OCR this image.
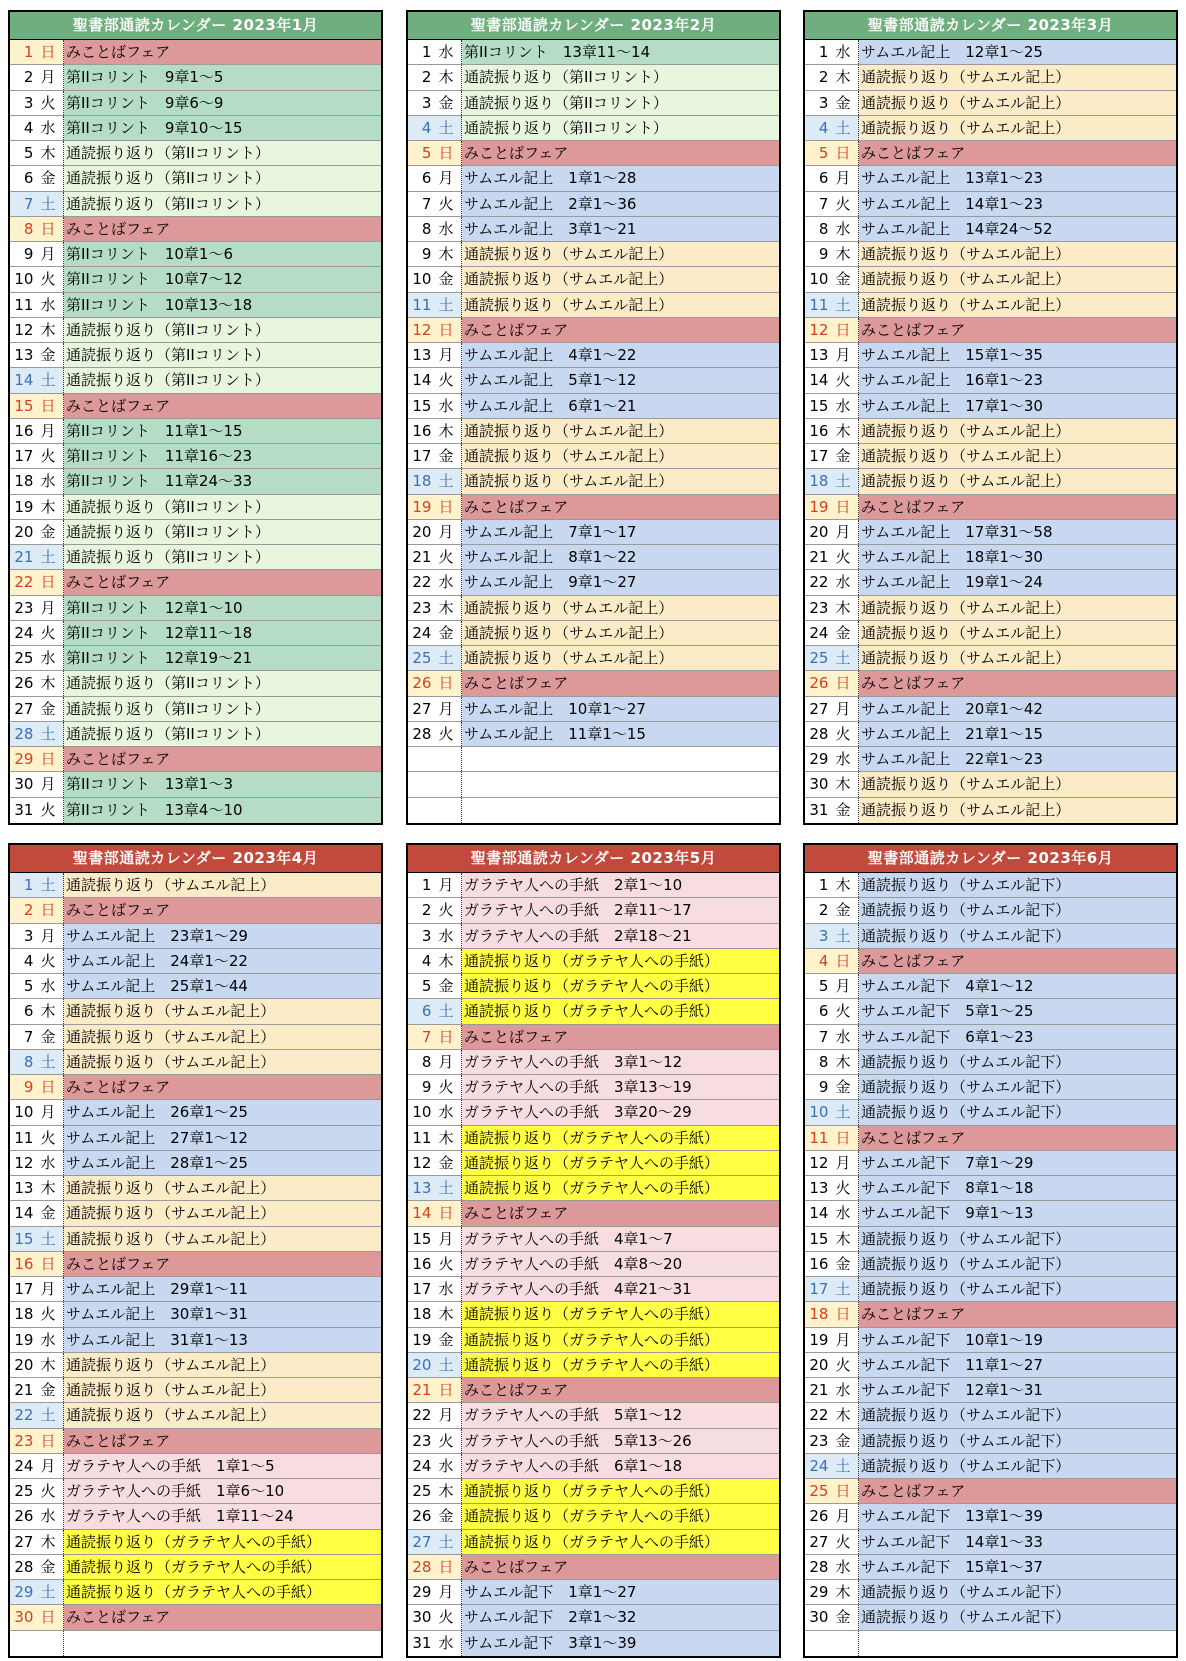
聖書部通読カレンダー 2023年1月
1 日 みことばフェア
2 月 第IIコリント　9章1～5
3 火 第IIコリント　9章6～9
4 水 第IIコリント　9章10～15
5 木 通読振り返り（第IIコリント）
6 金 通読振り返り（第IIコリント）
7 土 通読振り返り（第IIコリント）
8 日 みことばフェア
9 月 第IIコリント　10章1～6
10 火 第IIコリント　10章7～12
11 水 第IIコリント　10章13～18
12 木 通読振り返り（第IIコリント）
13 金 通読振り返り（第IIコリント）
14 土 通読振り返り（第IIコリント）
15 日 みことばフェア
16 月 第IIコリント　11章1～15
17 火 第IIコリント　11章16～23
18 水 第IIコリント　11章24～33
19 木 通読振り返り（第IIコリント）
20 金 通読振り返り（第IIコリント）
21 土 通読振り返り（第IIコリント）
22 日 みことばフェア
23 月 第IIコリント　12章1～10
24 火 第IIコリント　12章11～18
25 水 第IIコリント　12章19～21
26 木 通読振り返り（第IIコリント）
27 金 通読振り返り（第IIコリント）
28 土 通読振り返り（第IIコリント）
29 日 みことばフェア
30 月 第IIコリント　13章1～3
31 火 第IIコリント　13章4～10
聖書部通読カレンダー 2023年2月
1 水 第IIコリント　13章11～14
2 木 通読振り返り（第IIコリント）
3 金 通読振り返り（第IIコリント）
4 土 通読振り返り（第IIコリント）
5 日 みことばフェア
6 月 サムエル記上　1章1～28
7 火 サムエル記上　2章1～36
8 水 サムエル記上　3章1～21
9 木 通読振り返り（サムエル記上）
10 金 通読振り返り（サムエル記上）
11 土 通読振り返り（サムエル記上）
12 日 みことばフェア
13 月 サムエル記上　4章1～22
14 火 サムエル記上　5章1～12
15 水 サムエル記上　6章1～21
16 木 通読振り返り（サムエル記上）
17 金 通読振り返り（サムエル記上）
18 土 通読振り返り（サムエル記上）
19 日 みことばフェア
20 月 サムエル記上　7章1～17
21 火 サムエル記上　8章1～22
22 水 サムエル記上　9章1～27
23 木 通読振り返り（サムエル記上）
24 金 通読振り返り（サムエル記上）
25 土 通読振り返り（サムエル記上）
26 日 みことばフェア
27 月 サムエル記上　10章1～27
28 火 サムエル記上　11章1～15
聖書部通読カレンダー 2023年3月
1 水 サムエル記上　12章1～25
2 木 通読振り返り（サムエル記上）
3 金 通読振り返り（サムエル記上）
4 土 通読振り返り（サムエル記上）
5 日 みことばフェア
6 月 サムエル記上　13章1～23
7 火 サムエル記上　14章1～23
8 水 サムエル記上　14章24～52
9 木 通読振り返り（サムエル記上）
10 金 通読振り返り（サムエル記上）
11 土 通読振り返り（サムエル記上）
12 日 みことばフェア
13 月 サムエル記上　15章1～35
14 火 サムエル記上　16章1～23
15 水 サムエル記上　17章1～30
16 木 通読振り返り（サムエル記上）
17 金 通読振り返り（サムエル記上）
18 土 通読振り返り（サムエル記上）
19 日 みことばフェア
20 月 サムエル記上　17章31～58
21 火 サムエル記上　18章1～30
22 水 サムエル記上　19章1～24
23 木 通読振り返り（サムエル記上）
24 金 通読振り返り（サムエル記上）
25 土 通読振り返り（サムエル記上）
26 日 みことばフェア
27 月 サムエル記上　20章1～42
28 火 サムエル記上　21章1～15
29 水 サムエル記上　22章1～23
30 木 通読振り返り（サムエル記上）
31 金 通読振り返り（サムエル記上）
聖書部通読カレンダー 2023年4月
1 土 通読振り返り（サムエル記上）
2 日 みことばフェア
3 月 サムエル記上　23章1～29
4 火 サムエル記上　24章1～22
5 水 サムエル記上　25章1～44
6 木 通読振り返り（サムエル記上）
7 金 通読振り返り（サムエル記上）
8 土 通読振り返り（サムエル記上）
9 日 みことばフェア
10 月 サムエル記上　26章1～25
11 火 サムエル記上　27章1～12
12 水 サムエル記上　28章1～25
13 木 通読振り返り（サムエル記上）
14 金 通読振り返り（サムエル記上）
15 土 通読振り返り（サムエル記上）
16 日 みことばフェア
17 月 サムエル記上　29章1～11
18 火 サムエル記上　30章1～31
19 水 サムエル記上　31章1～13
20 木 通読振り返り（サムエル記上）
21 金 通読振り返り（サムエル記上）
22 土 通読振り返り（サムエル記上）
23 日 みことばフェア
24 月 ガラテヤ人への手紙　1章1～5
25 火 ガラテヤ人への手紙　1章6～10
26 水 ガラテヤ人への手紙　1章11～24
27 木 通読振り返り（ガラテヤ人への手紙）
28 金 通読振り返り（ガラテヤ人への手紙）
29 土 通読振り返り（ガラテヤ人への手紙）
30 日 みことばフェア
聖書部通読カレンダー 2023年5月
1 月 ガラテヤ人への手紙　2章1～10
2 火 ガラテヤ人への手紙　2章11～17
3 水 ガラテヤ人への手紙　2章18～21
4 木 通読振り返り（ガラテヤ人への手紙）
5 金 通読振り返り（ガラテヤ人への手紙）
6 土 通読振り返り（ガラテヤ人への手紙）
7 日 みことばフェア
8 月 ガラテヤ人への手紙　3章1～12
9 火 ガラテヤ人への手紙　3章13～19
10 水 ガラテヤ人への手紙　3章20～29
11 木 通読振り返り（ガラテヤ人への手紙）
12 金 通読振り返り（ガラテヤ人への手紙）
13 土 通読振り返り（ガラテヤ人への手紙）
14 日 みことばフェア
15 月 ガラテヤ人への手紙　4章1～7
16 火 ガラテヤ人への手紙　4章8～20
17 水 ガラテヤ人への手紙　4章21～31
18 木 通読振り返り（ガラテヤ人への手紙）
19 金 通読振り返り（ガラテヤ人への手紙）
20 土 通読振り返り（ガラテヤ人への手紙）
21 日 みことばフェア
22 月 ガラテヤ人への手紙　5章1～12
23 火 ガラテヤ人への手紙　5章13～26
24 水 ガラテヤ人への手紙　6章1～18
25 木 通読振り返り（ガラテヤ人への手紙）
26 金 通読振り返り（ガラテヤ人への手紙）
27 土 通読振り返り（ガラテヤ人への手紙）
28 日 みことばフェア
29 月 サムエル記下　1章1～27
30 火 サムエル記下　2章1～32
31 水 サムエル記下　3章1～39
聖書部通読カレンダー 2023年6月
1 木 通読振り返り（サムエル記下）
2 金 通読振り返り（サムエル記下）
3 土 通読振り返り（サムエル記下）
4 日 みことばフェア
5 月 サムエル記下　4章1～12
6 火 サムエル記下　5章1～25
7 水 サムエル記下　6章1～23
8 木 通読振り返り（サムエル記下）
9 金 通読振り返り（サムエル記下）
10 土 通読振り返り（サムエル記下）
11 日 みことばフェア
12 月 サムエル記下　7章1～29
13 火 サムエル記下　8章1～18
14 水 サムエル記下　9章1～13
15 木 通読振り返り（サムエル記下）
16 金 通読振り返り（サムエル記下）
17 土 通読振り返り（サムエル記下）
18 日 みことばフェア
19 月 サムエル記下　10章1～19
20 火 サムエル記下　11章1～27
21 水 サムエル記下　12章1～31
22 木 通読振り返り（サムエル記下）
23 金 通読振り返り（サムエル記下）
24 土 通読振り返り（サムエル記下）
25 日 みことばフェア
26 月 サムエル記下　13章1～39
27 火 サムエル記下　14章1～33
28 水 サムエル記下　15章1～37
29 木 通読振り返り（サムエル記下）
30 金 通読振り返り（サムエル記下）
